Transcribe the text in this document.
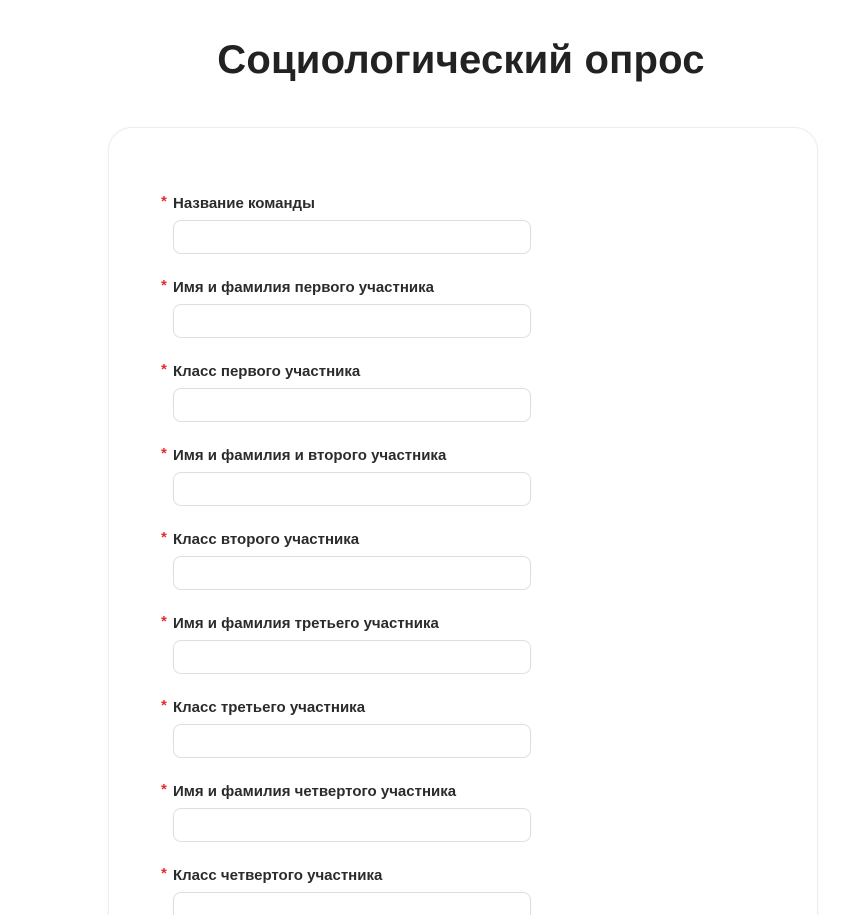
Социологический опрос
* Название команды
* Имя и фамилия первого участника
* Класс первого участника
* Имя и фамилия и второго участника
* Класс второго участника
* Имя и фамилия третьего участника
* Класс третьего участника
* Имя и фамилия четвертого участника
* Класс четвертого участника
